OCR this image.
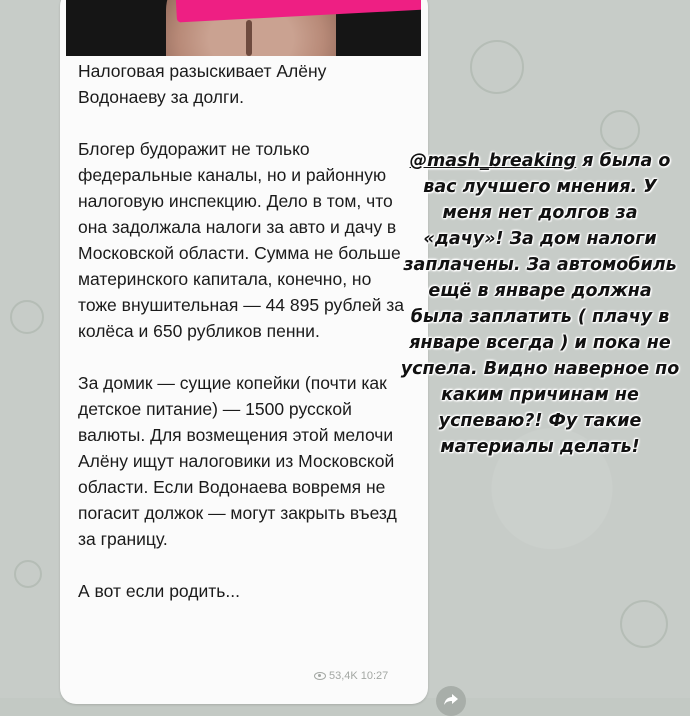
Налоговая разыскивает Алёну Водонаеву за долги.

Блогер будоражит не только федеральные каналы, но и районную налоговую инспекцию. Дело в том, что она задолжала налоги за авто и дачу в Московской области. Сумма не больше материнского капитала, конечно, но тоже внушительная — 44 895 рублей за колёса и 650 рубликов пенни.

За домик — сущие копейки (почти как детское питание) — 1500 русской валюты. Для возмещения этой мелочи Алёну ищут налоговики из Московской области. Если Водонаева вовремя не погасит должок — могут закрыть въезд за границу.

А вот если родить...

53,4K 10:27
@mash_breaking я была о вас лучшего мнения. У меня нет долгов за «дачу»! За дом налоги заплачены. За автомобиль ещё в январе должна была заплатить ( плачу в январе всегда ) и пока не успела. Видно наверное по каким причинам не успеваю?! Фу такие материалы делать!
